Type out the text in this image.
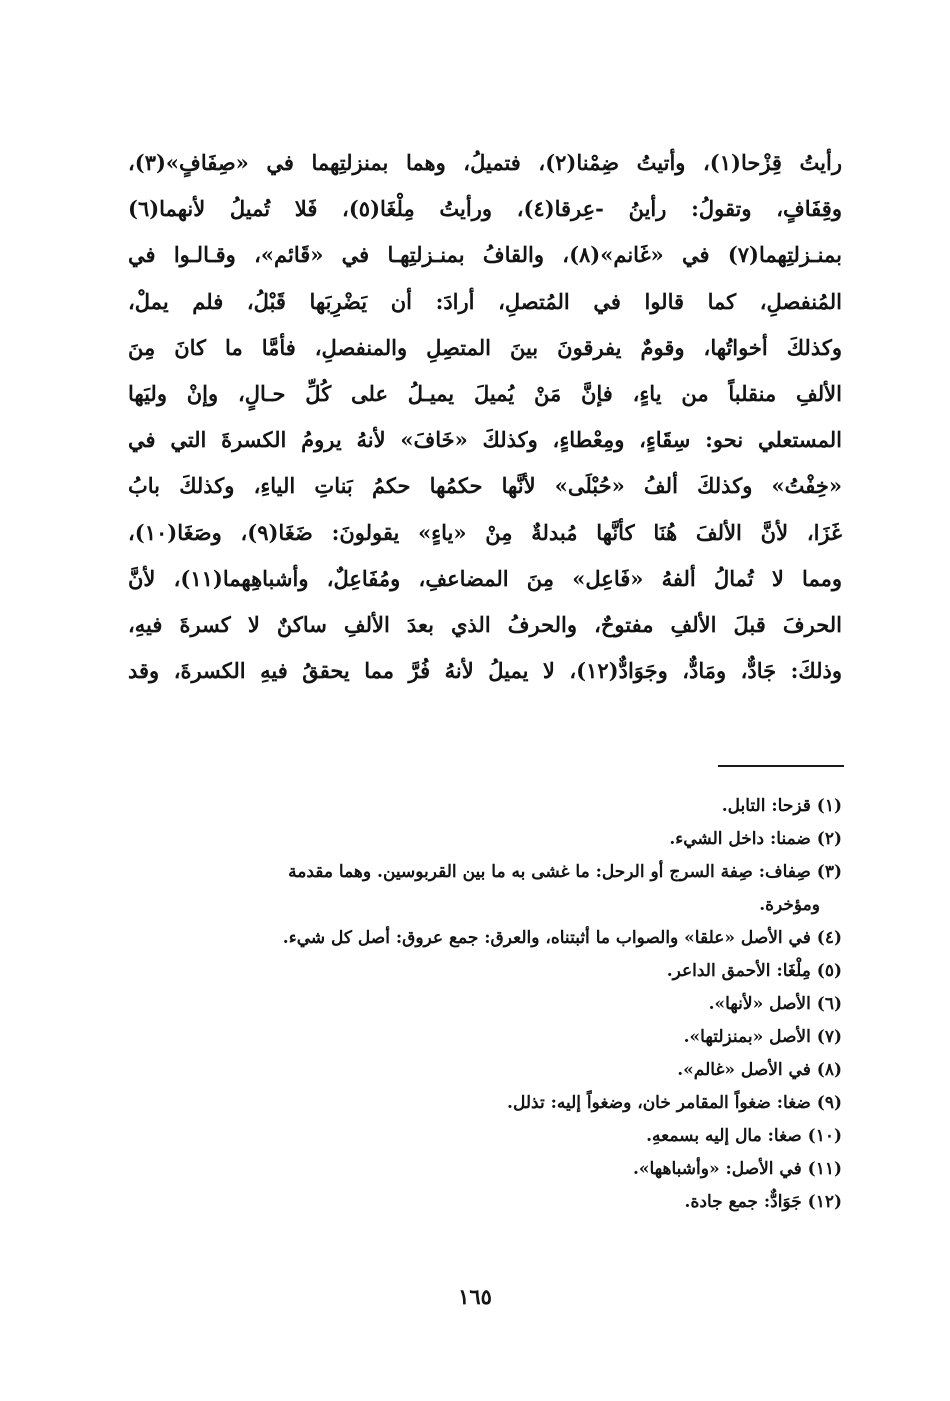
رأيتُ قِزْحا(١)، وأتيتُ ضِمْنا(٢)، فتميلُ، وهما بمنزلتِهما في «صِفَافٍ»(٣)،
وقِفَافٍ، وتقولُ: رأينُ -عِرقا(٤)، ورأيتُ مِلْغَا(٥)، فَلا تُميلُ لأنهما(٦)
بمنـزلتِهما(٧) في «غَانم»(٨)، والقافُ بمنـزلتِهـا في «قَائم»، وقـالـوا في
المُنفصلِ، كما قالوا في المُتصلِ، أرادَ: أن يَضْرِبَها قَبْلُ، فلم يملْ،
وكذلكَ أخواتُها، وقومٌ يفرقونَ بينَ المتصِلِ والمنفصلِ، فأمَّا ما كانَ مِنَ
الألفِ منقلباً من ياءٍ، فإنَّ مَنْ يُميلَ يميـلُ على كُلِّ حـالٍ، وإنْ وليَها
المستعلي نحو: سِقَاءٍ، ومِعْطاءٍ، وكذلكَ «خَافَ» لأنهُ يرومُ الكسرةَ التي في
«خِفْتُ» وكذلكَ ألفُ «حُبْلَى» لأنَّها حكمُها حكمُ بَناتِ الياءِ، وكذلكَ بابُ
غَزَا، لأنَّ الألفَ هُنَا كأنَّها مُبدلةٌ مِنْ «ياءٍ» يقولونَ: ضَغَا(٩)، وصَغَا(١٠)،
ومما لا تُمالُ ألفهُ «فَاعِل» مِنَ المضاعفِ، ومُفَاعِلٌ، وأشباهِهما(١١)، لأنَّ
الحرفَ قبلَ الألفِ مفتوحٌ، والحرفُ الذي بعدَ الألفِ ساكنٌ لا كسرةَ فيهِ،
وذلكَ: جَادٌّ، ومَادٌّ، وجَوَادٌّ(١٢)، لا يميلُ لأنهُ فُرَّ مما يحققُ فيهِ الكسرةَ، وقد
(١) قزحا: التابل.
(٢) ضمنا: داخل الشيء.
(٣) صِفاف: صِفة السرج أو الرحل: ما غشى به ما بين القربوسين. وهما مقدمة
ومؤخرة.
(٤) في الأصل «علقا» والصواب ما أثبتناه، والعرق: جمع عروق: أصل كل شيء.
(٥) مِلْغَا: الأحمق الداعر.
(٦) الأصل «لأنها».
(٧) الأصل «بمنزلتها».
(٨) في الأصل «غالم».
(٩) ضغا: ضغواً المقامر خان، وضغواً إليه: تذلل.
(١٠) صغا: مال إليه بسمعهِ.
(١١) في الأصل: «وأشباهها».
(١٢) جَوَادٌّ: جمع جادة.
١٦٥
